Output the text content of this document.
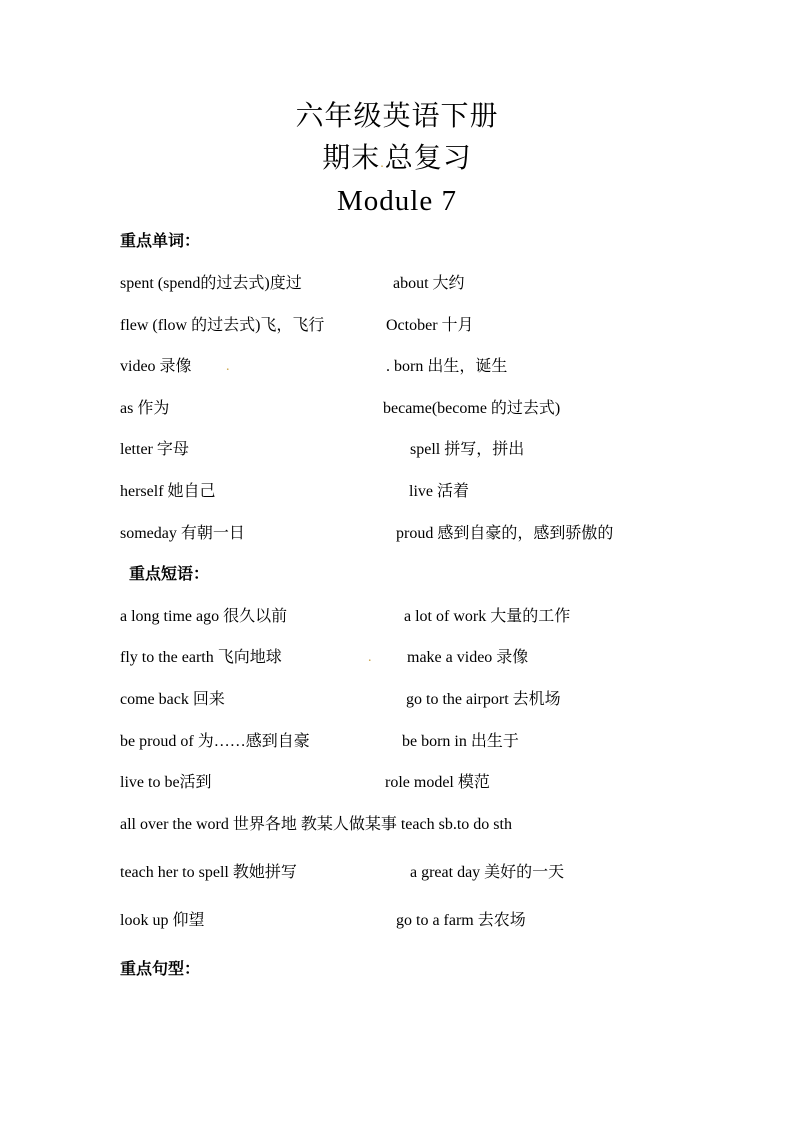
六年级英语下册
期末.总复习
Module 7
重点单词：
spent (spend的过去式)度过	about 大约
flew (flow 的过去式)飞，飞行	October 十月
video 录像 .	. born 出生，诞生
as 作为	became(become 的过去式)
letter 字母	spell 拼写，拼出
herself 她自己	live 活着
someday 有朝一日	proud 感到自豪的，感到骄傲的
重点短语：
a long time ago 很久以前	a lot of work 大量的工作
fly to the earth 飞向地球	. make a video 录像
come back 回来	go to the airport 去机场
be proud of 为……感到自豪	be born in 出生于
live to be活到	role model 模范
all over the word 世界各地 教某人做某事 teach sb.to do sth
teach her to spell 教她拼写	a great day 美好的一天
look up 仰望	go to a farm 去农场
重点句型：
